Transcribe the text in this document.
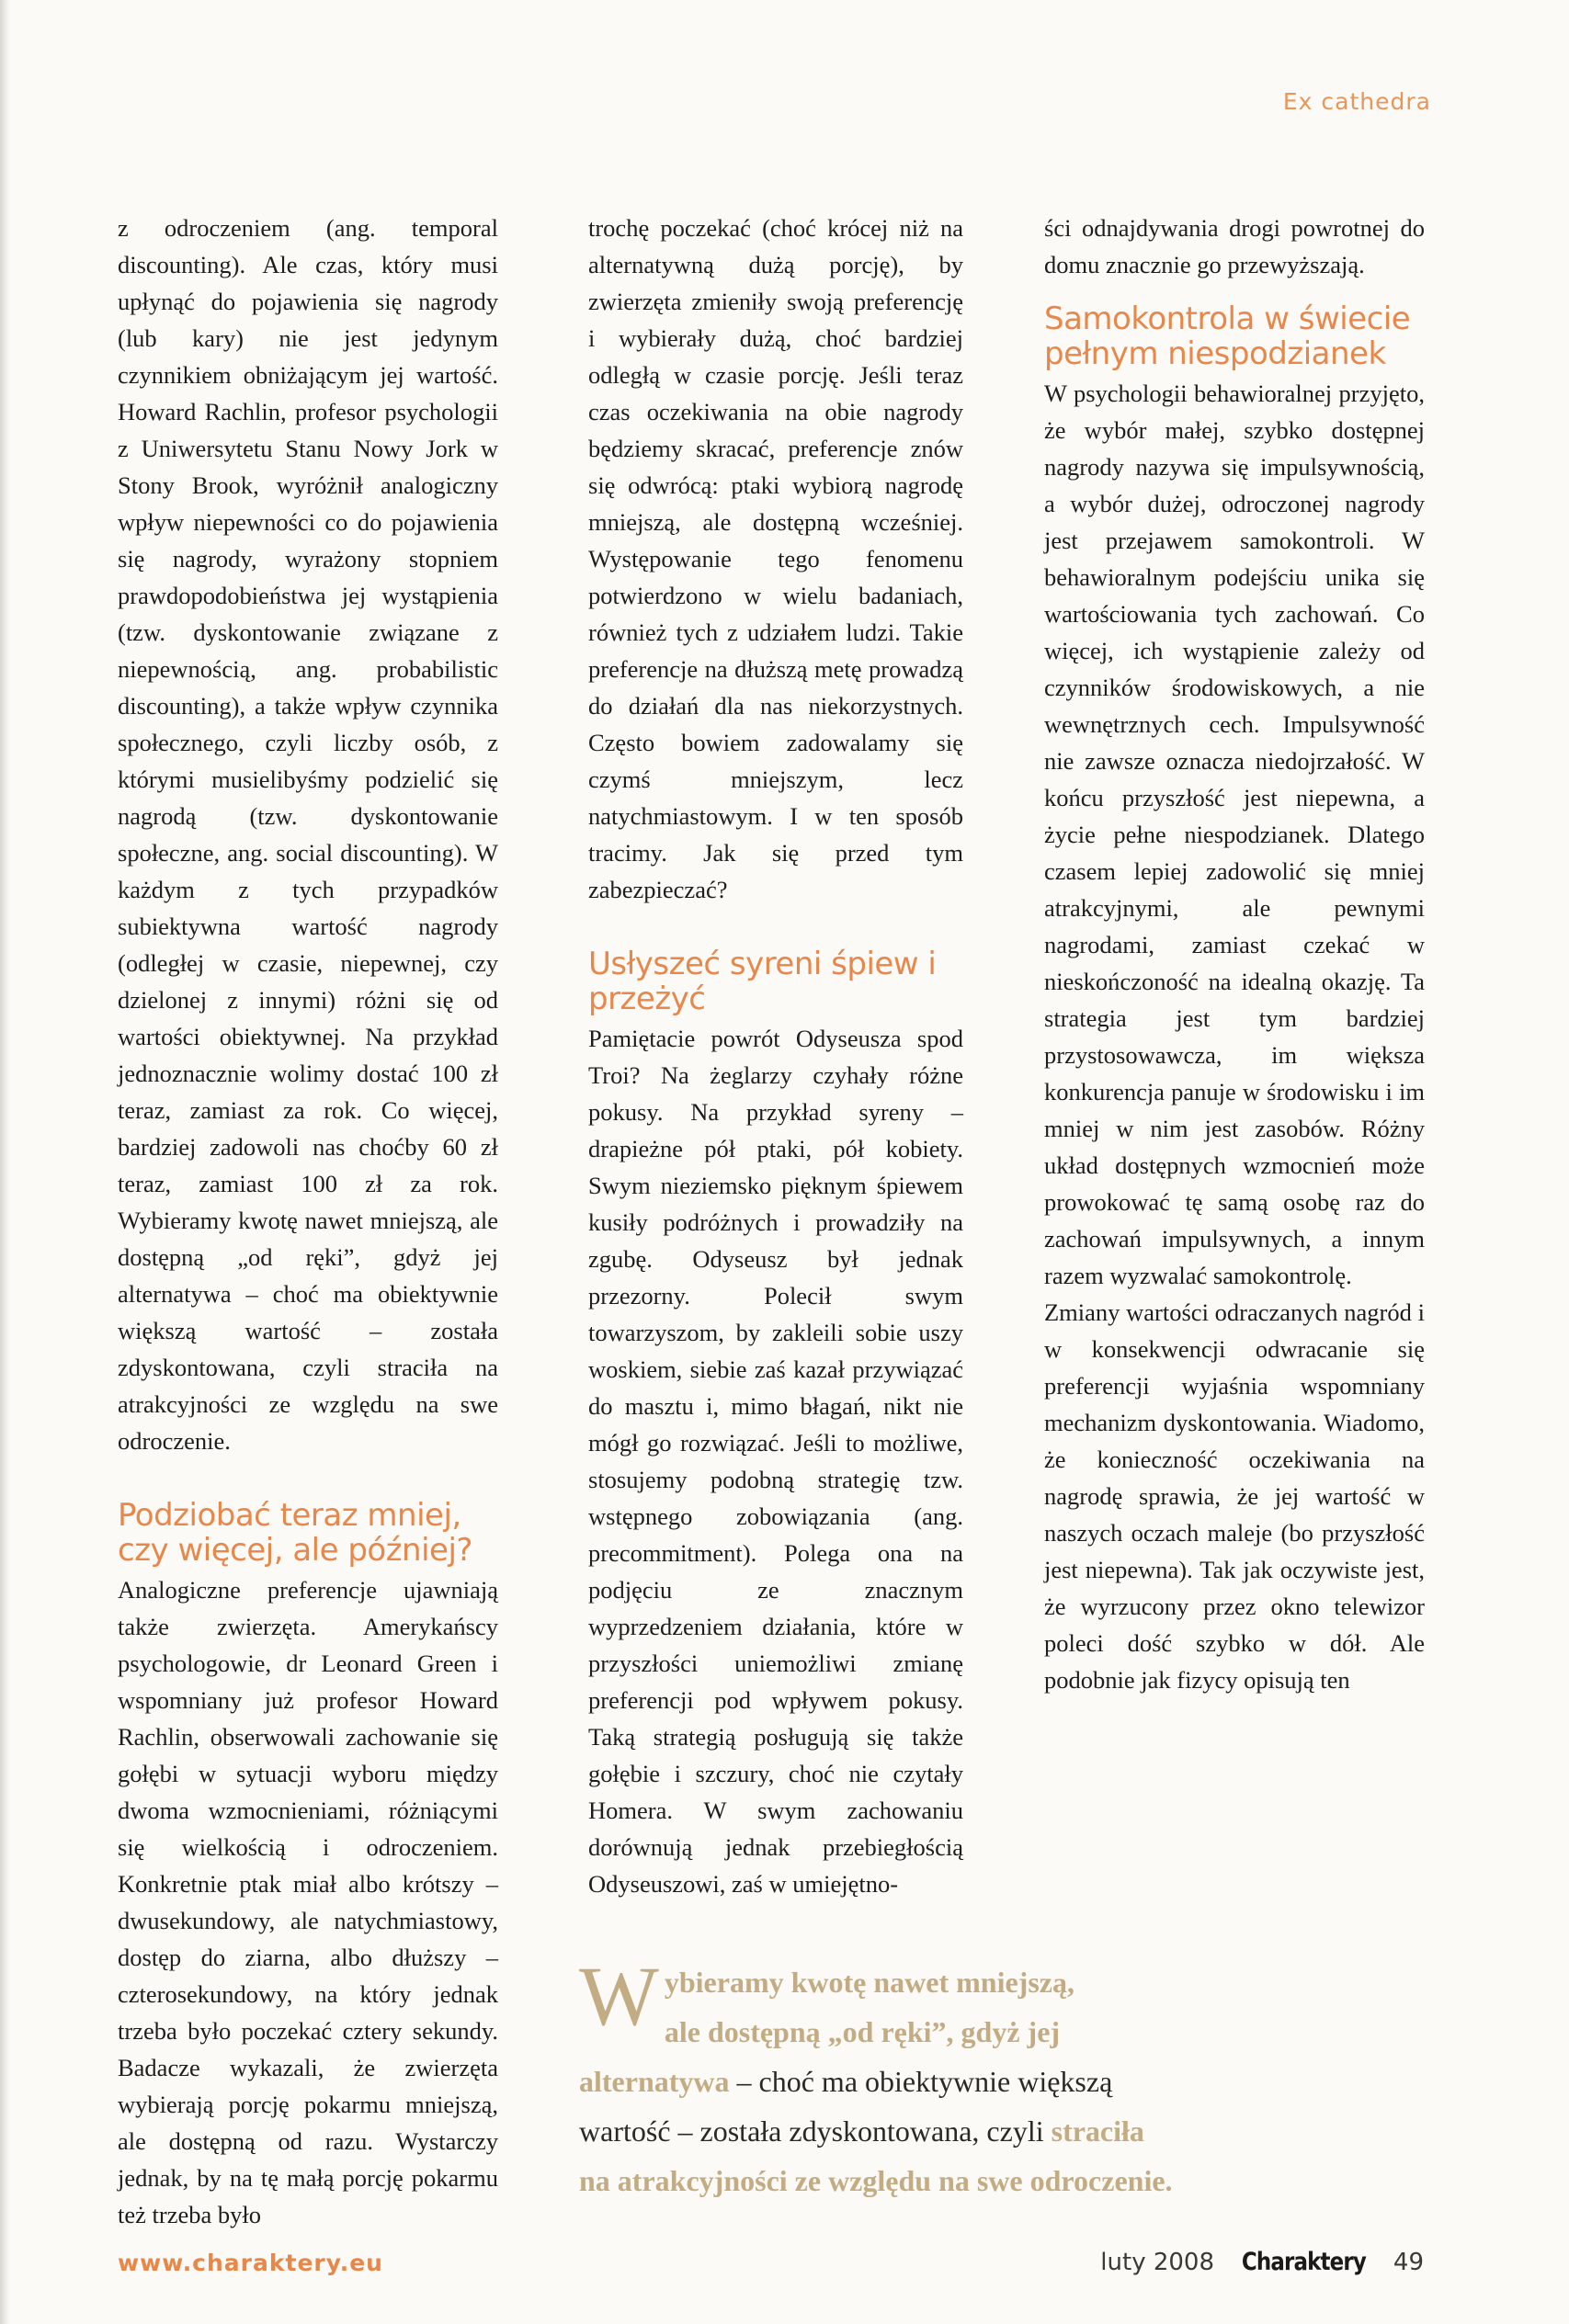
Ex cathedra

z odroczeniem (ang. temporal discounting). Ale czas, który musi upłynąć do pojawienia się nagrody (lub kary) nie jest jedynym czynnikiem obniżającym jej wartość. Howard Rachlin, profesor psychologii z Uniwersytetu Stanu Nowy Jork w Stony Brook, wyróżnił analogiczny wpływ niepewności co do pojawienia się nagrody, wyrażony stopniem prawdopodobieństwa jej wystąpienia (tzw. dyskontowanie związane z niepewnością, ang. probabilistic discounting), a także wpływ czynnika społecznego, czyli liczby osób, z którymi musielibyśmy podzielić się nagrodą (tzw. dyskontowanie społeczne, ang. social discounting). W każdym z tych przypadków subiektywna wartość nagrody (odległej w czasie, niepewnej, czy dzielonej z innymi) różni się od wartości obiektywnej. Na przykład jednoznacznie wolimy dostać 100 zł teraz, zamiast za rok. Co więcej, bardziej zadowoli nas choćby 60 zł teraz, zamiast 100 zł za rok. Wybieramy kwotę nawet mniejszą, ale dostępną „od ręki”, gdyż jej alternatywa – choć ma obiektywnie większą wartość – została zdyskontowana, czyli straciła na atrakcyjności ze względu na swe odroczenie.

Podziobać teraz mniej, czy więcej, ale później?

Analogiczne preferencje ujawniają także zwierzęta. Amerykańscy psychologowie, dr Leonard Green i wspomniany już profesor Howard Rachlin, obserwowali zachowanie się gołębi w sytuacji wyboru między dwoma wzmocnieniami, różniącymi się wielkością i odroczeniem. Konkretnie ptak miał albo krótszy – dwusekundowy, ale natychmiastowy, dostęp do ziarna, albo dłuższy – czterosekundowy, na który jednak trzeba było poczekać cztery sekundy. Badacze wykazali, że zwierzęta wybierają porcję pokarmu mniejszą, ale dostępną od razu. Wystarczy jednak, by na tę małą porcję pokarmu też trzeba było

trochę poczekać (choć krócej niż na alternatywną dużą porcję), by zwierzęta zmieniły swoją preferencję i wybierały dużą, choć bardziej odległą w czasie porcję. Jeśli teraz czas oczekiwania na obie nagrody będziemy skracać, preferencje znów się odwrócą: ptaki wybiorą nagrodę mniejszą, ale dostępną wcześniej. Występowanie tego fenomenu potwierdzono w wielu badaniach, również tych z udziałem ludzi. Takie preferencje na dłuższą metę prowadzą do działań dla nas niekorzystnych. Często bowiem zadowalamy się czymś mniejszym, lecz natychmiastowym. I w ten sposób tracimy. Jak się przed tym zabezpieczać?

Usłyszeć syreni śpiew i przeżyć

Pamiętacie powrót Odyseusza spod Troi? Na żeglarzy czyhały różne pokusy. Na przykład syreny – drapieżne pół ptaki, pół kobiety. Swym nieziemsko pięknym śpiewem kusiły podróżnych i prowadziły na zgubę. Odyseusz był jednak przezorny. Polecił swym towarzyszom, by zakleili sobie uszy woskiem, siebie zaś kazał przywiązać do masztu i, mimo błagań, nikt nie mógł go rozwiązać. Jeśli to możliwe, stosujemy podobną strategię tzw. wstępnego zobowiązania (ang. precommitment). Polega ona na podjęciu ze znacznym wyprzedzeniem działania, które w przyszłości uniemożliwi zmianę preferencji pod wpływem pokusy. Taką strategią posługują się także gołębie i szczury, choć nie czytały Homera. W swym zachowaniu dorównują jednak przebiegłością Odyseuszowi, zaś w umiejętno-

ści odnajdywania drogi powrotnej do domu znacznie go przewyższają.

Samokontrola w świecie pełnym niespodzianek

W psychologii behawioralnej przyjęto, że wybór małej, szybko dostępnej nagrody nazywa się impulsywnością, a wybór dużej, odroczonej nagrody jest przejawem samokontroli. W behawioralnym podejściu unika się wartościowania tych zachowań. Co więcej, ich wystąpienie zależy od czynników środowiskowych, a nie wewnętrznych cech. Impulsywność nie zawsze oznacza niedojrzałość. W końcu przyszłość jest niepewna, a życie pełne niespodzianek. Dlatego czasem lepiej zadowolić się mniej atrakcyjnymi, ale pewnymi nagrodami, zamiast czekać w nieskończoność na idealną okazję. Ta strategia jest tym bardziej przystosowawcza, im większa konkurencja panuje w środowisku i im mniej w nim jest zasobów. Różny układ dostępnych wzmocnień może prowokować tę samą osobę raz do zachowań impulsywnych, a innym razem wyzwalać samokontrolę.

Zmiany wartości odraczanych nagród i w konsekwencji odwracanie się preferencji wyjaśnia wspomniany mechanizm dyskontowania. Wiadomo, że konieczność oczekiwania na nagrodę sprawia, że jej wartość w naszych oczach maleje (bo przyszłość jest niepewna). Tak jak oczywiste jest, że wyrzucony przez okno telewizor poleci dość szybko w dół. Ale podobnie jak fizycy opisują ten

W ybieramy kwotę nawet mniejszą,
ale dostępną „od ręki”, gdyż jej
alternatywa – choć ma obiektywnie większą
wartość – została zdyskontowana, czyli straciła
na atrakcyjności ze względu na swe odroczenie.
www.charaktery.eu	luty 2008 Charaktery 49
